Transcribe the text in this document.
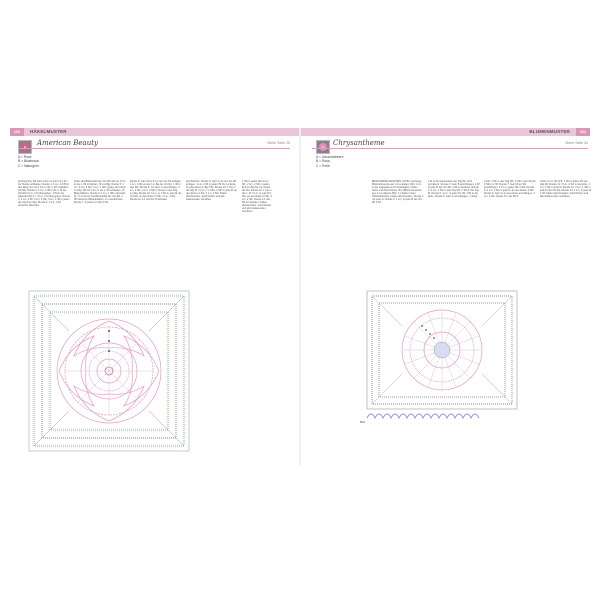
110	HÄKELMUSTER
American Beauty	Siehe Seite 26
A = Rose
B = Blushrosa
C = Naturgrün
Anfangsring: Mit Garn A 10 Lm und mit 1 Km zur Runde schließen. Runde 1: 1 Lm, 16 fM in den Ring, Rd. mit 1 Km in die 1. fM schließen. (16 fM). Runde 2: 1 Lm, 1 fM in die 1. M der Vor-Rd (3 Lm, 2 M übergehen, 1 fM in die folgende fM) 4 x, 3 Lm, 2 M übergehen. Runde 3: 1 Lm, 2 fM, 3 Lm, 5 Stb, 3 Lm, 1 fM in jeden der folg 8 Lm-Bg. Runde 4: 1 Lm, 1 fM zwischen Maschen.
hinter das Blütenblatt der Vor-Rd. Rd mit 1 Km in die 1. fM schließen. (8 Lm-Bg). Runde 5: 1 Lm, 3 Lm, 5 Stb, 3 Lm, 1 fM in jeden der folg 8 Lm-Bg. Rd mit 1 Km in die 1. fM schließen. (8 Blütenblätter). Runde 6: 1 Lm, 1 fM in dieselbe M, 7 Lm hinter das Blütenblatt der Vor-Rd, 1 fM zwischen Blütenblättern. 8 x wiederholen. Runde 7: in jeden Lm-Bg 9 Stb.
Runde 8: Garn B an 3 Lm der Vor-Rd anfügen, 1 Lm, 3 fM um den Lm-Bg der Vor-Rd, 1 fM in das Stb. Runde 9: mit Garn C anschlingen, 3 Lm, 2 Stb, 2 Lm, 3 Stb (= Ecke) in den folg Lm-Bg. Runde 10: 3 Lm, je 1 Stb in jede M der Vor-Rd, an den Ecken 3 Stb, 2 Lm, 3 Stb. Runde 11–13: wie Rd 10 arbeiten.
durchziehen. Runde 9: Garn C an der Vor-Rd anfügen, 1 Lm, 2 fM in jeden fM bis zur Ecke, in jeden Eck-Lm-Bg 3 fM. Runde 10: 1 Km in die folg M, 3 Lm (= 1. Stb), 1 Stb in jede M, an den Ecken 2 Stb, 2 Lm, 2 Stb. Fäden abschneiden, durchziehen und alle Fadenenden vernähen.
1 Stb in jedes Stb und 2 Stb, 2 Lm, 2 Stb in jeden Eck-Lm-Bg bis zum Ende der Rd. Runde 12: 1 Km in die 1. M, 3 Lm, in jede M 1 Stb, an den Ecken 2 Stb, 3 Lm, 2 Stb. Runde 13: wie Rd 12 arbeiten. Faden abschneiden, durchziehen und alle Fadenenden vernähen.
111
BLUMENMUSTER
Chrysantheme	Siehe Seite 34
A = Johannisbeere
B = Rosa
C = Perle
BESONDERE MASCHEN: Anf-Bm (Anfangs-Büschelmasche aus 3 zus abgem Stb): 2 Lm in der angegebene M anschlagen. Faden holen und durchziehen. Bm (Büschelmasche aus 4 zus abgem Stb): 4 x Faden holen. Hilfsdrahtspitze, Faden abschneiden. Runde 1: mit Garn A. Runde 2: 1 Lm, in jede M der Vor-Rd 2 fM.
1 M in die Seitenkante der folg fM, nicht vernähen). Runde 3: Garn B anschlingen. 1 fM in jede M der Vor-Rd, 2 fM in die Ecke. Runde 4: 3 Lm, 1 Stb in das folg Stb, 2 Stb in die folg M. Runde 5: 1 Lm, in jede M 1 fM, 2 fM in die Ecke. Runde 6: Garn C anschlingen, 1 Stbgr.
2 Stb, 3 Stb in das folg Stb, 2 Stb in der folg M, 2 Stb in 1 fM. Runde 7: Garn B an Stb anschlingen. 3 Lm, in jedes Stb 2 Stb. Runde 8: 4 Lm, 1 Stb in jede M, an den Ecken 3 Stb. Runde 9: Garn C an eine Ecke anschlingen. 3 Lm, 2 Stb. Runde 10: wie Rd 9.
zeilen 3 x in Stb (Pf). 1 Stb in jedes Stb der folg Rd. Runde 11: 3 Lm, 2 Stb in die Ecke, 3 Lm, 3 Stb in jede M. Runde 12: 3 Lm, 1 Stb in jede M der Vor-Rd. Runde 13: 1 Lm, in jede M 1 fM. Fäden abschneiden, durchziehen und alle Fadenenden vernähen.
Bild
